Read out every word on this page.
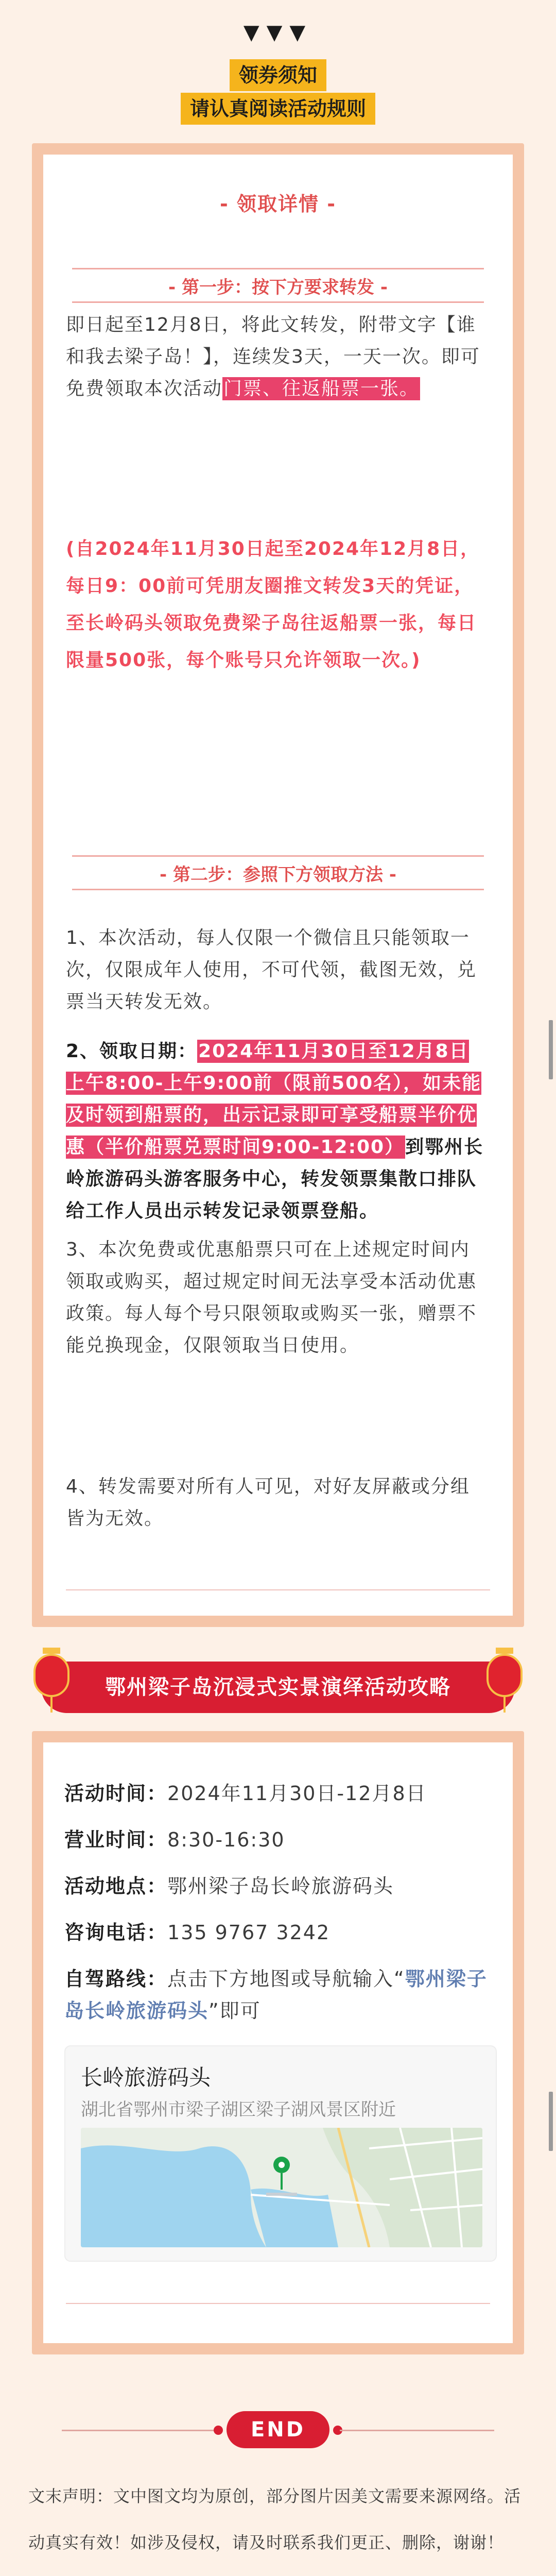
▼▼▼
领券须知
请认真阅读活动规则
- 领取详情 -
- 第一步：按下方要求转发 -
即日起至12月8日，将此文转发，附带文字【谁和我去梁子岛！】，连续发3天，一天一次。即可免费领取本次活动门票、往返船票一张。
(自2024年11月30日起至2024年12月8日，每日9：00前可凭朋友圈推文转发3天的凭证，至长岭码头领取免费梁子岛往返船票一张，每日限量500张，每个账号只允许领取一次。)
- 第二步：参照下方领取方法 -
1、本次活动，每人仅限一个微信且只能领取一次，仅限成年人使用，不可代领，截图无效，兑票当天转发无效。
2、领取日期：2024年11月30日至12月8日上午8:00-上午9:00前（限前500名），如未能及时领到船票的，出示记录即可享受船票半价优惠（半价船票兑票时间9:00-12:00）到鄂州长岭旅游码头游客服务中心，转发领票集散口排队给工作人员出示转发记录领票登船。
3、本次免费或优惠船票只可在上述规定时间内领取或购买，超过规定时间无法享受本活动优惠政策。每人每个号只限领取或购买一张，赠票不能兑换现金，仅限领取当日使用。
4、转发需要对所有人可见，对好友屏蔽或分组皆为无效。
鄂州梁子岛沉浸式实景演绎活动攻略
活动时间：2024年11月30日-12月8日
营业时间：8:30-16:30
活动地点：鄂州梁子岛长岭旅游码头
咨询电话：135 9767 3242
自驾路线：点击下方地图或导航输入“鄂州梁子岛长岭旅游码头”即可
长岭旅游码头
湖北省鄂州市梁子湖区梁子湖风景区附近
END
文末声明：文中图文均为原创，部分图片因美文需要来源网络。活动真实有效！如涉及侵权，请及时联系我们更正、删除，谢谢！
